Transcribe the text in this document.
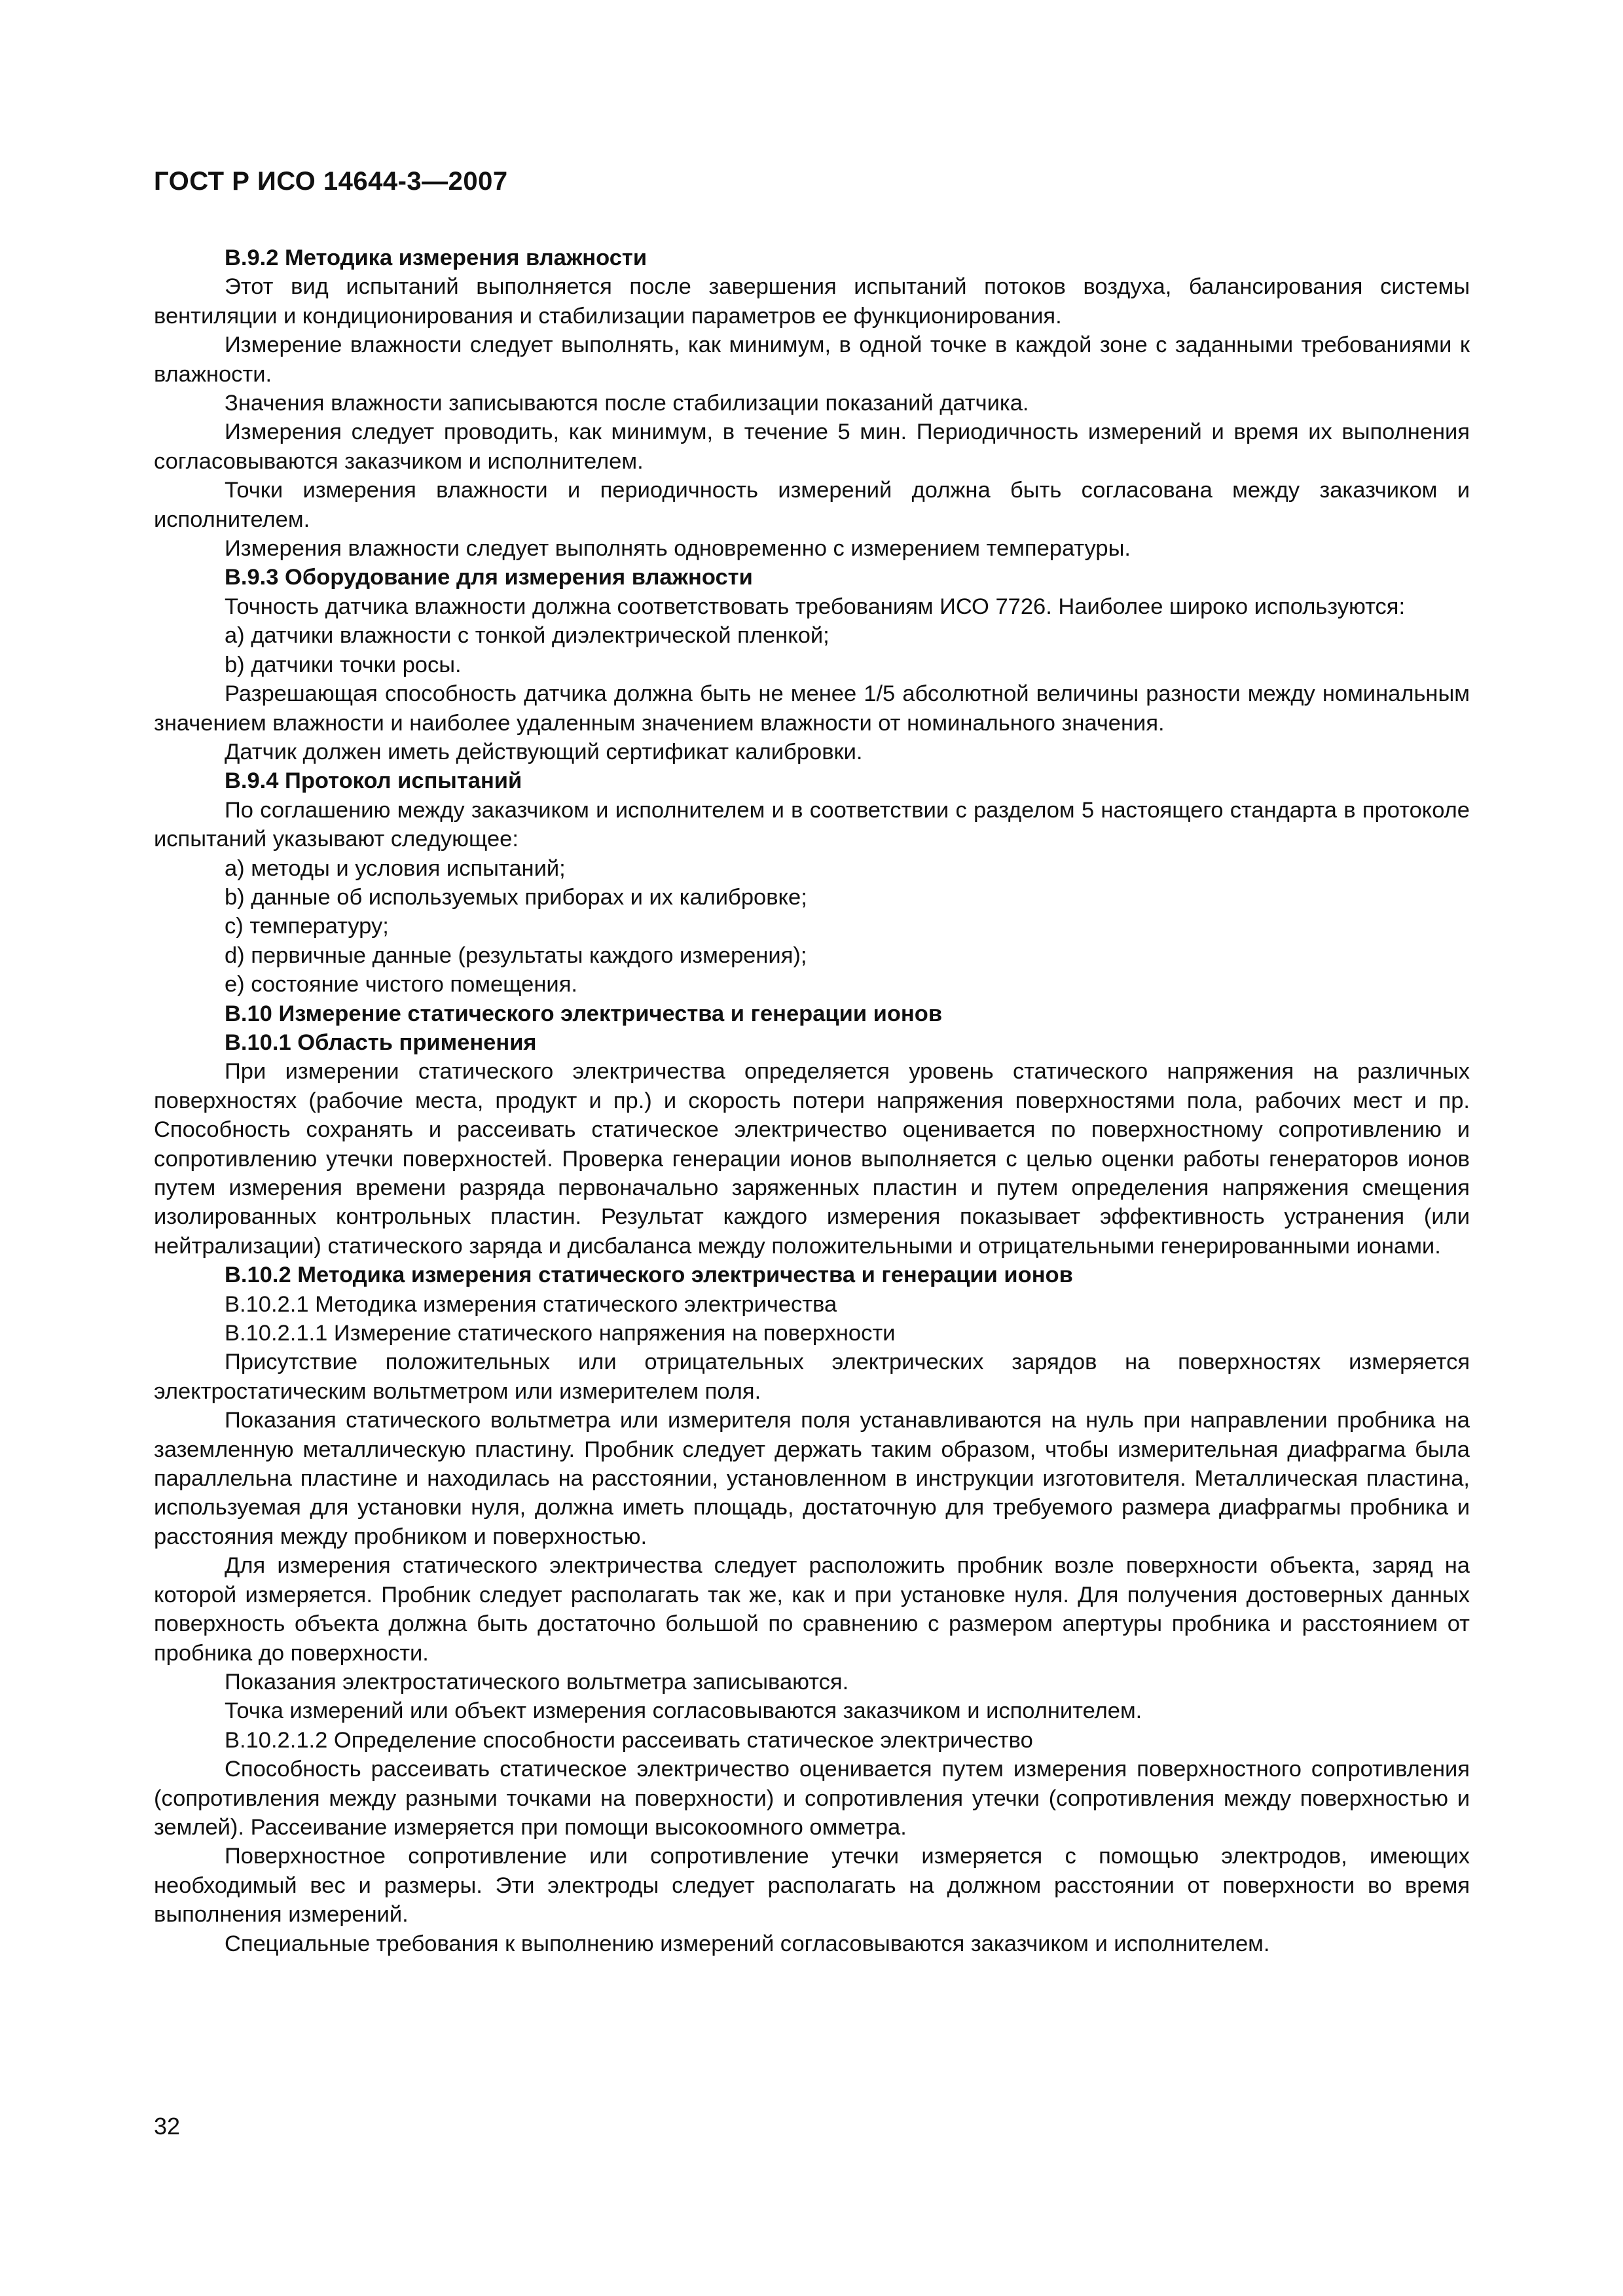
ГОСТ Р ИСО 14644-3—2007

B.9.2 Методика измерения влажности

Этот вид испытаний выполняется после завершения испытаний потоков воздуха, балансирования системы вентиляции и кондиционирования и стабилизации параметров ее функционирования.

Измерение влажности следует выполнять, как минимум, в одной точке в каждой зоне с заданными требованиями к влажности.

Значения влажности записываются после стабилизации показаний датчика.

Измерения следует проводить, как минимум, в течение 5 мин. Периодичность измерений и время их выполнения согласовываются заказчиком и исполнителем.

Точки измерения влажности и периодичность измерений должна быть согласована между заказчиком и исполнителем.

Измерения влажности следует выполнять одновременно с измерением температуры.

B.9.3 Оборудование для измерения влажности

Точность датчика влажности должна соответствовать требованиям ИСО 7726. Наиболее широко используются:

a) датчики влажности с тонкой диэлектрической пленкой;

b) датчики точки росы.

Разрешающая способность датчика должна быть не менее 1/5 абсолютной величины разности между номинальным значением влажности и наиболее удаленным значением влажности от номинального значения.

Датчик должен иметь действующий сертификат калибровки.

B.9.4 Протокол испытаний

По соглашению между заказчиком и исполнителем и в соответствии с разделом 5 настоящего стандарта в протоколе испытаний указывают следующее:

a) методы и условия испытаний;

b) данные об используемых приборах и их калибровке;

c) температуру;

d) первичные данные (результаты каждого измерения);

e) состояние чистого помещения.

B.10 Измерение статического электричества и генерации ионов

B.10.1 Область применения

При измерении статического электричества определяется уровень статического напряжения на различных поверхностях (рабочие места, продукт и пр.) и скорость потери напряжения поверхностями пола, рабочих мест и пр. Способность сохранять и рассеивать статическое электричество оценивается по поверхностному сопротивлению и сопротивлению утечки поверхностей. Проверка генерации ионов выполняется с целью оценки работы генераторов ионов путем измерения времени разряда первоначально заряженных пластин и путем определения напряжения смещения изолированных контрольных пластин. Результат каждого измерения показывает эффективность устранения (или нейтрализации) статического заряда и дисбаланса между положительными и отрицательными генерированными ионами.

B.10.2 Методика измерения статического электричества и генерации ионов

B.10.2.1 Методика измерения статического электричества

B.10.2.1.1 Измерение статического напряжения на поверхности

Присутствие положительных или отрицательных электрических зарядов на поверхностях измеряется электростатическим вольтметром или измерителем поля.

Показания статического вольтметра или измерителя поля устанавливаются на нуль при направлении пробника на заземленную металлическую пластину. Пробник следует держать таким образом, чтобы измерительная диафрагма была параллельна пластине и находилась на расстоянии, установленном в инструкции изготовителя. Металлическая пластина, используемая для установки нуля, должна иметь площадь, достаточную для требуемого размера диафрагмы пробника и расстояния между пробником и поверхностью.

Для измерения статического электричества следует расположить пробник возле поверхности объекта, заряд на которой измеряется. Пробник следует располагать так же, как и при установке нуля. Для получения достоверных данных поверхность объекта должна быть достаточно большой по сравнению с размером апертуры пробника и расстоянием от пробника до поверхности.

Показания электростатического вольтметра записываются.

Точка измерений или объект измерения согласовываются заказчиком и исполнителем.

B.10.2.1.2 Определение способности рассеивать статическое электричество

Способность рассеивать статическое электричество оценивается путем измерения поверхностного сопротивления (сопротивления между разными точками на поверхности) и сопротивления утечки (сопротивления между поверхностью и землей). Рассеивание измеряется при помощи высокоомного омметра.

Поверхностное сопротивление или сопротивление утечки измеряется с помощью электродов, имеющих необходимый вес и размеры. Эти электроды следует располагать на должном расстоянии от поверхности во время выполнения измерений.

Специальные требования к выполнению измерений согласовываются заказчиком и исполнителем.

32
